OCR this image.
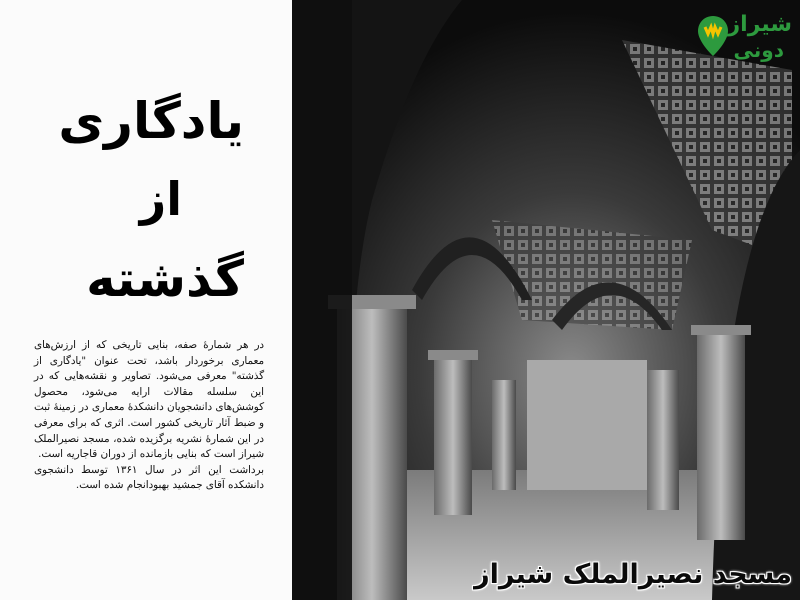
یادگاری
از
گذشته

در هر شمارهٔ صفه، بنایی تاریخی که از ارزش‌های معماری برخوردار باشد، تحت عنوان "یادگاری از گذشته" معرفی می‌شود. تصاویر و نقشه‌هایی که در این سلسله مقالات ارایه می‌شود، محصول کوشش‌های دانشجویان دانشکدهٔ معماری در زمینهٔ ثبت و ضبط آثار تاریخی کشور است. اثری که برای معرفی در این شمارهٔ نشریه برگزیده شده، مسجد نصیرالملک شیراز است که بنایی بازمانده از دوران قاجاریه است.

برداشت این اثر در سال ۱۳۶۱ توسط دانشجوی دانشکده آقای جمشید بهبودانجام شده است.

مسجد نصیرالملک شیراز
شیراز
دونی
